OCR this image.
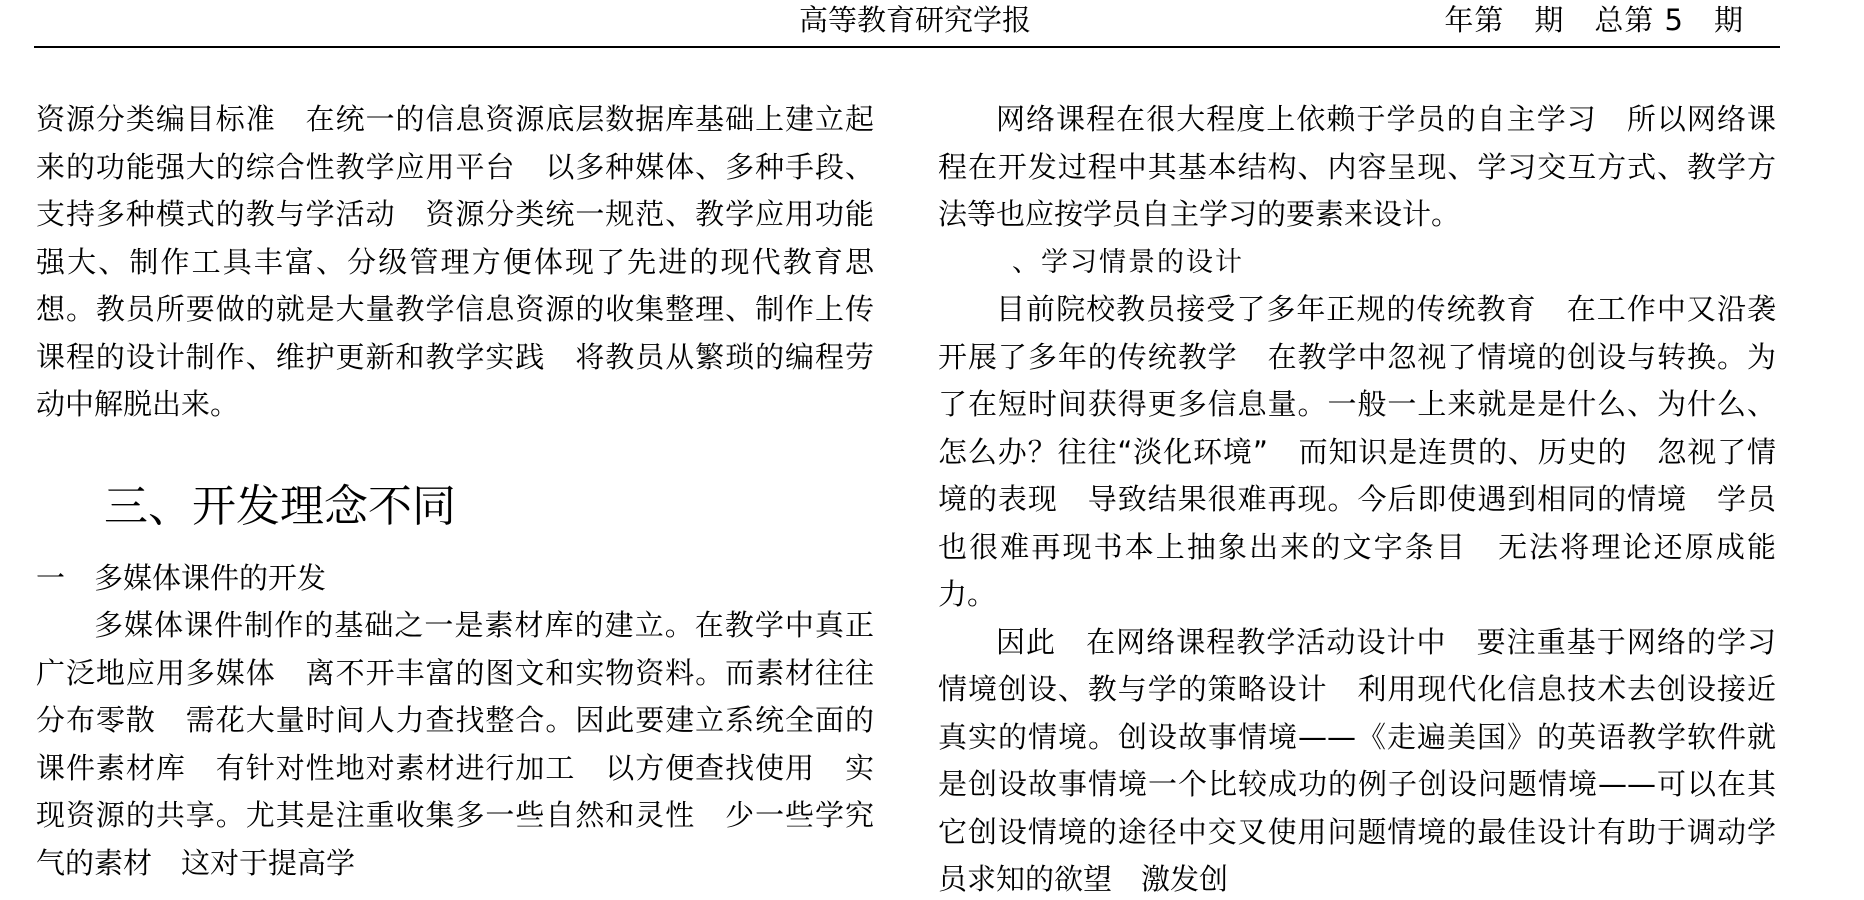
高等教育研究学报	年第　期　总第 5　期

资源分类编目标准　在统一的信息资源底层数据库基础上建立起来的功能强大的综合性教学应用平台　以多种媒体、多种手段、支持多种模式的教与学活动　资源分类统一规范、教学应用功能强大、制作工具丰富、分级管理方便体现了先进的现代教育思想。教员所要做的就是大量教学信息资源的收集整理、制作上传　课程的设计制作、维护更新和教学实践　将教员从繁琐的编程劳动中解脱出来。

三、开发理念不同

一　多媒体课件的开发

多媒体课件制作的基础之一是素材库的建立。在教学中真正广泛地应用多媒体　离不开丰富的图文和实物资料。而素材往往分布零散　需花大量时间人力查找整合。因此要建立系统全面的课件素材库　有针对性地对素材进行加工　以方便查找使用　实现资源的共享。尤其是注重收集多一些自然和灵性　少一些学究气的素材　这对于提高学

网络课程在很大程度上依赖于学员的自主学习　所以网络课程在开发过程中其基本结构、内容呈现、学习交互方式、教学方法等也应按学员自主学习的要素来设计。

、学习情景的设计

目前院校教员接受了多年正规的传统教育　在工作中又沿袭开展了多年的传统教学　在教学中忽视了情境的创设与转换。为了在短时间获得更多信息量。一般一上来就是是什么、为什么、怎么办？往往“淡化环境”　而知识是连贯的、历史的　忽视了情境的表现　导致结果很难再现。今后即使遇到相同的情境　学员也很难再现书本上抽象出来的文字条目　无法将理论还原成能力。

因此　在网络课程教学活动设计中　要注重基于网络的学习情境创设、教与学的策略设计　利用现代化信息技术去创设接近真实的情境。创设故事情境——《走遍美国》的英语教学软件就是创设故事情境一个比较成功的例子创设问题情境——可以在其它创设情境的途径中交叉使用问题情境的最佳设计有助于调动学员求知的欲望　激发创
